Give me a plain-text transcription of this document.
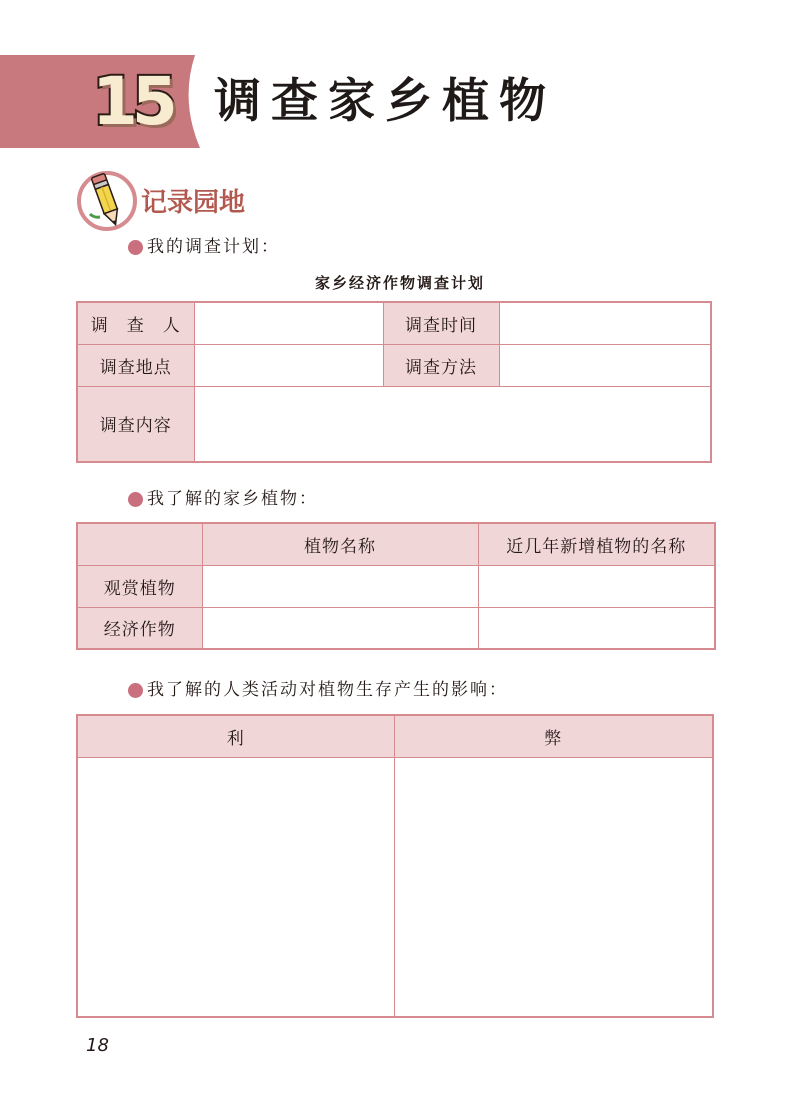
15 调查家乡植物
记录园地
我的调查计划：
家乡经济作物调查计划
调　查　人		调查时间	
调查地点		调查方法	
调查内容			
我了解的家乡植物：
	植物名称	近几年新增植物的名称
观赏植物		
经济作物		
我了解的人类活动对植物生存产生的影响：
利	弊

18
